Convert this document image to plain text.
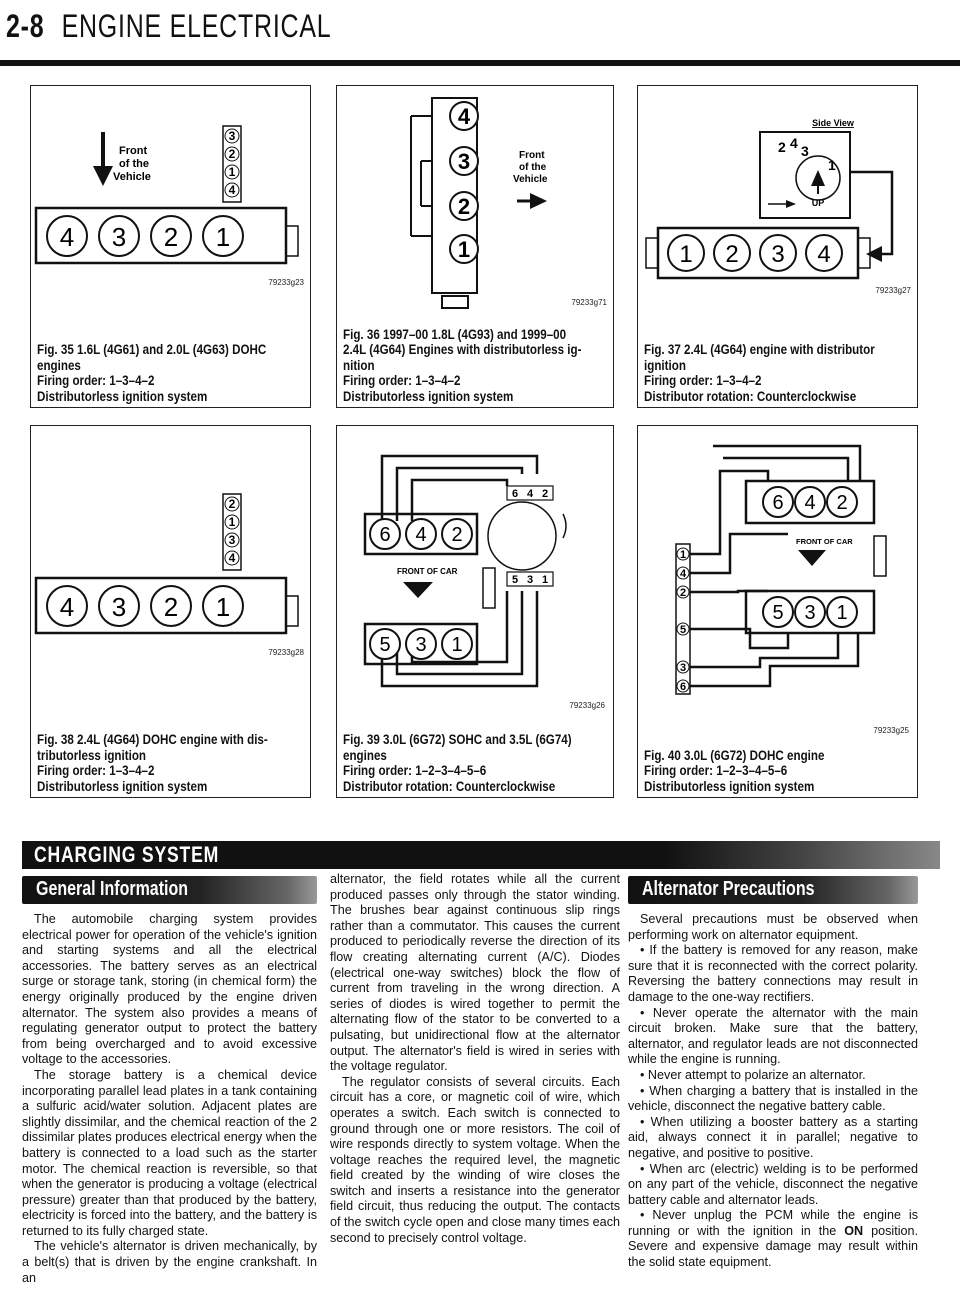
2-8 ENGINE ELECTRICAL
Front
of the
Vehicle
3
2
1
4
4 3 2 1
79233g23
Fig. 35 1.6L (4G61) and 2.0L (4G63) DOHC
engines
Firing order: 1–3–4–2
Distributorless ignition system
4
3
2
1
Front
of the
Vehicle
79233g71
Fig. 36 1997–00 1.8L (4G93) and 1999–00
2.4L (4G64) Engines with distributorless ig-
nition
Firing order: 1–3–4–2
Distributorless ignition system
Side View
2 4 3
1
UP
1 2 3 4
79233g27
Fig. 37 2.4L (4G64) engine with distributor
ignition
Firing order: 1–3–4–2
Distributor rotation: Counterclockwise
2
1
3
4
4 3 2 1
79233g28
Fig. 38 2.4L (4G64) DOHC engine with dis-
tributorless ignition
Firing order: 1–3–4–2
Distributorless ignition system
6 4 2
5 3 1
6 4 2
5 3 1
FRONT OF CAR
79233g26
Fig. 39 3.0L (6G72) SOHC and 3.5L (6G74)
engines
Firing order: 1–2–3–4–5–6
Distributor rotation: Counterclockwise
1
4
2
5
3
6
6 4 2
5 3 1
FRONT OF CAR
79233g25
Fig. 40 3.0L (6G72) DOHC engine
Firing order: 1–2–3–4–5–6
Distributorless ignition system
CHARGING SYSTEM
General Information

The automobile charging system provides electrical power for operation of the vehicle's ignition and starting systems and all the electrical accessories. The battery serves as an electrical surge or storage tank, storing (in chemical form) the energy originally produced by the engine driven alternator. The system also provides a means of regulating generator output to protect the battery from being overcharged and to avoid excessive voltage to the accessories.

The storage battery is a chemical device incorporating parallel lead plates in a tank containing a sulfuric acid/water solution. Adjacent plates are slightly dissimilar, and the chemical reaction of the 2 dissimilar plates produces electrical energy when the battery is connected to a load such as the starter motor. The chemical reaction is reversible, so that when the generator is producing a voltage (electrical pressure) greater than that produced by the battery, electricity is forced into the battery, and the battery is returned to its fully charged state.

The vehicle's alternator is driven mechanically, by a belt(s) that is driven by the engine crankshaft. In an

alternator, the field rotates while all the current produced passes only through the stator winding. The brushes bear against continuous slip rings rather than a commutator. This causes the current produced to periodically reverse the direction of its flow creating alternating current (A/C). Diodes (electrical one-way switches) block the flow of current from traveling in the wrong direction. A series of diodes is wired together to permit the alternating flow of the stator to be converted to a pulsating, but unidirectional flow at the alternator output. The alternator's field is wired in series with the voltage regulator.

The regulator consists of several circuits. Each circuit has a core, or magnetic coil of wire, which operates a switch. Each switch is connected to ground through one or more resistors. The coil of wire responds directly to system voltage. When the voltage reaches the required level, the magnetic field created by the winding of wire closes the switch and inserts a resistance into the generator field circuit, thus reducing the output. The contacts of the switch cycle open and close many times each second to precisely control voltage.

Alternator Precautions

Several precautions must be observed when performing work on alternator equipment.

• If the battery is removed for any reason, make sure that it is reconnected with the correct polarity. Reversing the battery connections may result in damage to the one-way rectifiers.

• Never operate the alternator with the main circuit broken. Make sure that the battery, alternator, and regulator leads are not disconnected while the engine is running.

• Never attempt to polarize an alternator.

• When charging a battery that is installed in the vehicle, disconnect the negative battery cable.

• When utilizing a booster battery as a starting aid, always connect it in parallel; negative to negative, and positive to positive.

• When arc (electric) welding is to be performed on any part of the vehicle, disconnect the negative battery cable and alternator leads.

• Never unplug the PCM while the engine is running or with the ignition in the ON position. Severe and expensive damage may result within the solid state equipment.
